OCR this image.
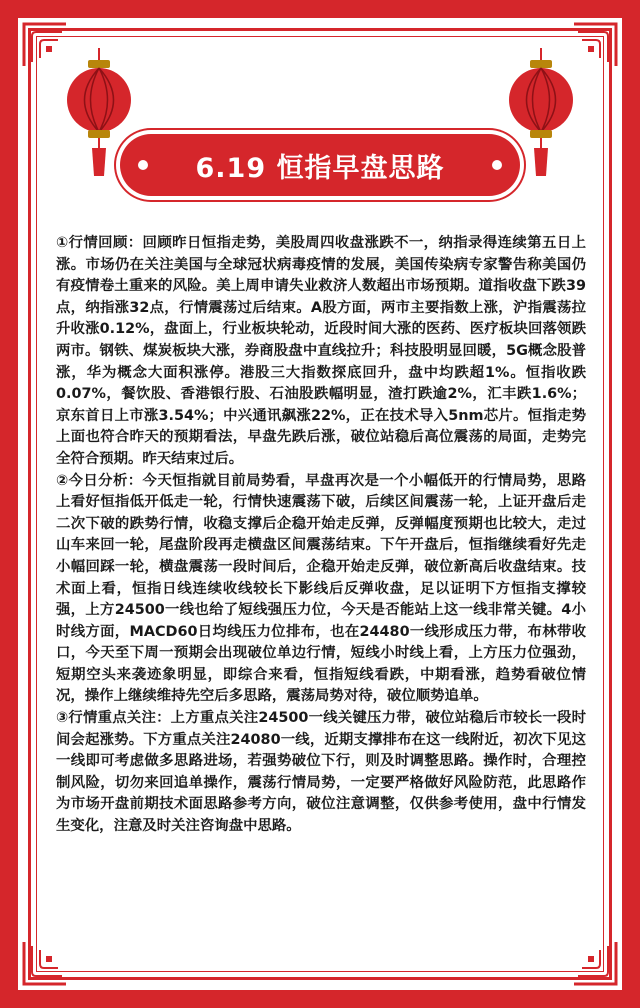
6.19 恒指早盘思路

①行情回顾：回顾昨日恒指走势，美股周四收盘涨跌不一，纳指录得连续第五日上涨。市场仍在关注美国与全球冠状病毒疫情的发展，美国传染病专家警告称美国仍有疫情卷土重来的风险。美上周申请失业救济人数超出市场预期。道指收盘下跌39点，纳指涨32点，行情震荡过后结束。A股方面，两市主要指数上涨，沪指震荡拉升收涨0.12%，盘面上，行业板块轮动，近段时间大涨的医药、医疗板块回落领跌两市。钢铁、煤炭板块大涨，券商股盘中直线拉升；科技股明显回暖，5G概念股普涨，华为概念大面积涨停。港股三大指数探底回升，盘中均跌超1%。恒指收跌0.07%，餐饮股、香港银行股、石油股跌幅明显，渣打跌逾2%，汇丰跌1.6%；京东首日上市涨3.54%；中兴通讯飙涨22%，正在技术导入5nm芯片。恒指走势上面也符合昨天的预期看法，早盘先跌后涨，破位站稳后高位震荡的局面，走势完全符合预期。昨天结束过后。

②今日分析：今天恒指就目前局势看，早盘再次是一个小幅低开的行情局势，思路上看好恒指低开低走一轮，行情快速震荡下破，后续区间震荡一轮，上证开盘后走二次下破的跌势行情，收稳支撑后企稳开始走反弹，反弹幅度预期也比较大，走过山车来回一轮，尾盘阶段再走横盘区间震荡结束。下午开盘后，恒指继续看好先走小幅回踩一轮，横盘震荡一段时间后，企稳开始走反弹，破位新高后收盘结束。技术面上看，恒指日线连续收线较长下影线后反弹收盘，足以证明下方恒指支撑较强，上方24500一线也给了短线强压力位，今天是否能站上这一线非常关键。4小时线方面，MACD60日均线压力位排布，也在24480一线形成压力带，布林带收口，今天至下周一预期会出现破位单边行情，短线小时线上看，上方压力位强劲，短期空头来袭迹象明显，即综合来看，恒指短线看跌，中期看涨，趋势看破位情况，操作上继续维持先空后多思路，震荡局势对待，破位顺势追单。

③行情重点关注：上方重点关注24500一线关键压力带，破位站稳后市较长一段时间会起涨势。下方重点关注24080一线，近期支撑排布在这一线附近，初次下见这一线即可考虑做多思路进场，若强势破位下行，则及时调整思路。操作时，合理控制风险，切勿来回追单操作，震荡行情局势，一定要严格做好风险防范，此思路作为市场开盘前期技术面思路参考方向，破位注意调整，仅供参考使用，盘中行情发生变化，注意及时关注咨询盘中思路。
